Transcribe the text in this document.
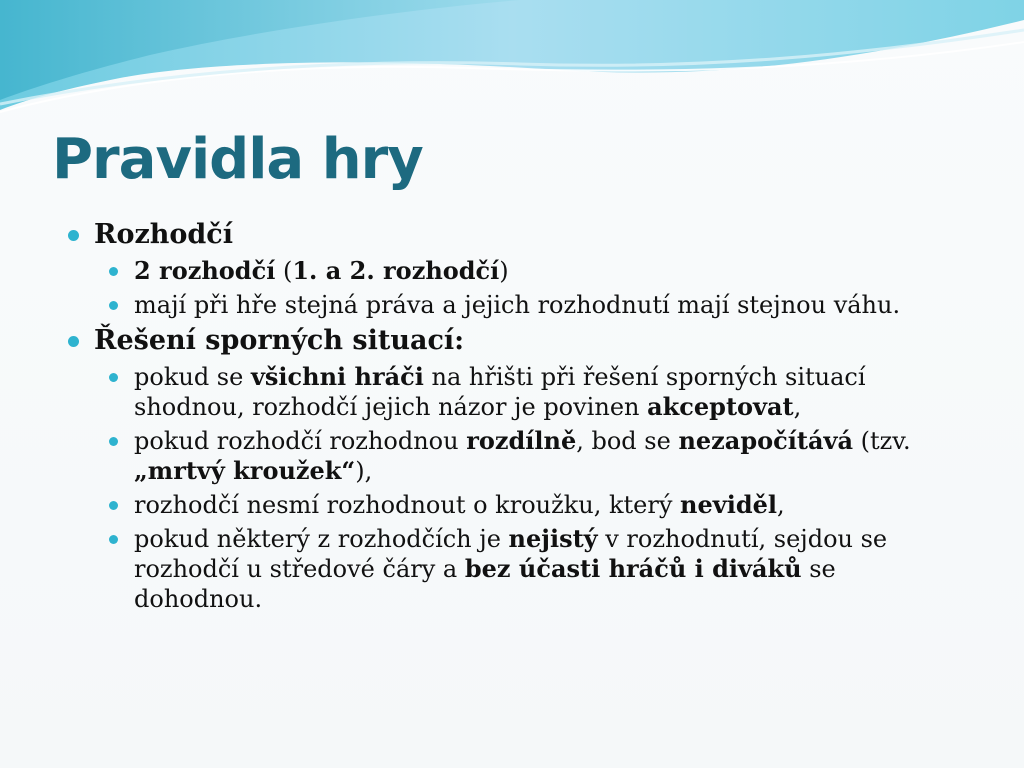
Pravidla hry
Rozhodčí
2 rozhodčí (1. a 2. rozhodčí)
mají při hře stejná práva a jejich rozhodnutí mají stejnou váhu.
Řešení sporných situací:
pokud se všichni hráči na hřišti při řešení sporných situací shodnou, rozhodčí jejich názor je povinen akceptovat,
pokud rozhodčí rozhodnou rozdílně, bod se nezapočítává (tzv. „mrtvý kroužek“),
rozhodčí nesmí rozhodnout o kroužku, který neviděl,
pokud některý z rozhodčích je nejistý v rozhodnutí, sejdou se rozhodčí u středové čáry a bez účasti hráčů i diváků se dohodnou.
